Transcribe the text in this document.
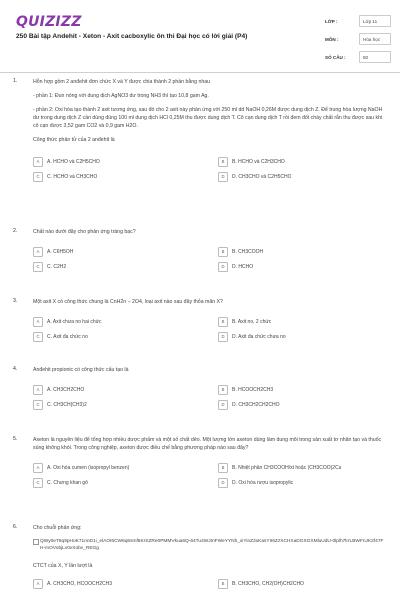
QUIZIZZ
250 Bài tập Andehit - Xeton - Axit cacboxylic ôn thi Đại học có lời giải (P4)
LỚP :	Lớp 11
MÔN :	Hóa học
SỐ CÂU :	50
1.	Hỗn hợp gồm 2 anđehit đơn chức X và Y được chia thành 2 phần bằng nhau
- phần 1: Đun nóng với dung dịch AgNO3 dư trong NH3 thì tạo 10,8 gam Ag.
- phần 2: Oxi hóa tạo thành 2 axit tương ứng, sau đó cho 2 axit này phản ứng với 250 ml dd NaOH 0,26M được dung dịch Z. Để trung hòa lượng NaOH dư trong dung dịch Z cần dùng đúng 100 ml dung dịch HCl 0,25M thu được dung dịch T. Cô cạn dung dịch T rồi đem đốt cháy chất rắn thu được sau khi cô cạn được 3,52 gam CO2 và 0,9 gam H2O.
Công thức phân tử của 2 anđehit là
A	A. HCHO và C2H5CHO	B	B. HCHO và C2H3CHO
C	C. HCHO và CH3CHO	D	D. CH3CHO và C2H5CHO
2.	Chất nào dưới đây cho phản ứng tráng bạc?
A	A. C6H5OH	B	B. CH3COOH
C	C. C2H2	D	D. HCHO
3.	Một axit X có công thức chung là CnH2n − 2O4, loại axit nào sau đây thỏa mãn X?
A	A. Axit chưa no hai chức	B	B. Axit no, 2 chức
C	C. Axit đa chức no	D	D. Axit đa chức chưa no
4.	Anđehit propionic có công thức cấu tạo là
A	A. CH3CH2CHO	B	B. HCOOCH2CH3
C	C. CH3CH(CH3)2	D	D. CH3CH2CH2CHO
5.	Axeton là nguyên liệu để tổng hợp nhiều dược phẩm và một số chất dẻo. Một lượng lớn axeton dùng làm dung môi trong sản xuất tơ nhân tạo và thuốc súng không khói. Trong công nghiệp, axeton được điều chế bằng phương pháp nào sau đây?
A	A. Oxi hóa cumen (isopropyl benzen)	B	B. Nhiệt phân CH3COOH/xt hoặc (CH3COO)2Ca
C	C. Chưng khan gỗ	D	D. Oxi hóa rượu isopropylic
6.	Cho chuỗi phản ứng:
QWy0eT8q9pHoK71nnD1i_elAOI6CW6q6smf6KrSZRe0PMMVkua6Q-64Tu4WJInFWeYYNh_xiYinZ3xKasYII6ZzXCHXaDGXGXMluUdU-0lplh7lrrLBWFnJK2f47FH-mOVo5jLv0xXobv_REGg
CTCT của X, Y lần lượt là
A	A. CH3CHO, HCOOCH2CH3	B	B. CH3CHO, CH2(OH)CH2CHO
